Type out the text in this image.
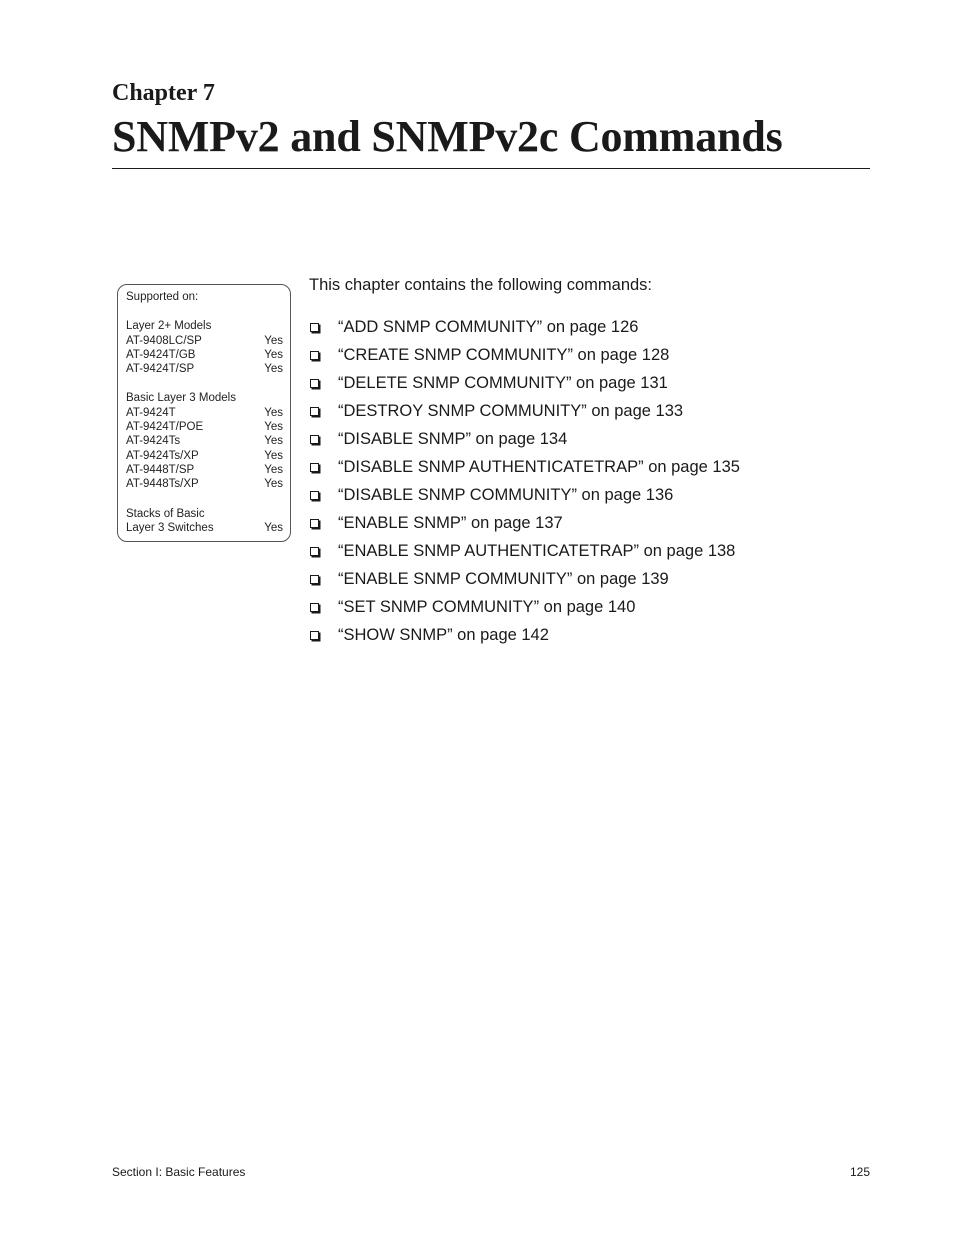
Chapter 7
SNMPv2 and SNMPv2c Commands
Supported on:
Layer 2+ Models
AT-9408LC/SP	Yes
AT-9424T/GB	Yes
AT-9424T/SP	Yes
Basic Layer 3 Models
AT-9424T	Yes
AT-9424T/POE	Yes
AT-9424Ts	Yes
AT-9424Ts/XP	Yes
AT-9448T/SP	Yes
AT-9448Ts/XP	Yes
Stacks of Basic
Layer 3 Switches	Yes

This chapter contains the following commands:

“ADD SNMP COMMUNITY” on page 126
“CREATE SNMP COMMUNITY” on page 128
“DELETE SNMP COMMUNITY” on page 131
“DESTROY SNMP COMMUNITY” on page 133
“DISABLE SNMP” on page 134
“DISABLE SNMP AUTHENTICATETRAP” on page 135
“DISABLE SNMP COMMUNITY” on page 136
“ENABLE SNMP” on page 137
“ENABLE SNMP AUTHENTICATETRAP” on page 138
“ENABLE SNMP COMMUNITY” on page 139
“SET SNMP COMMUNITY” on page 140
“SHOW SNMP” on page 142
Section I: Basic Features	125
